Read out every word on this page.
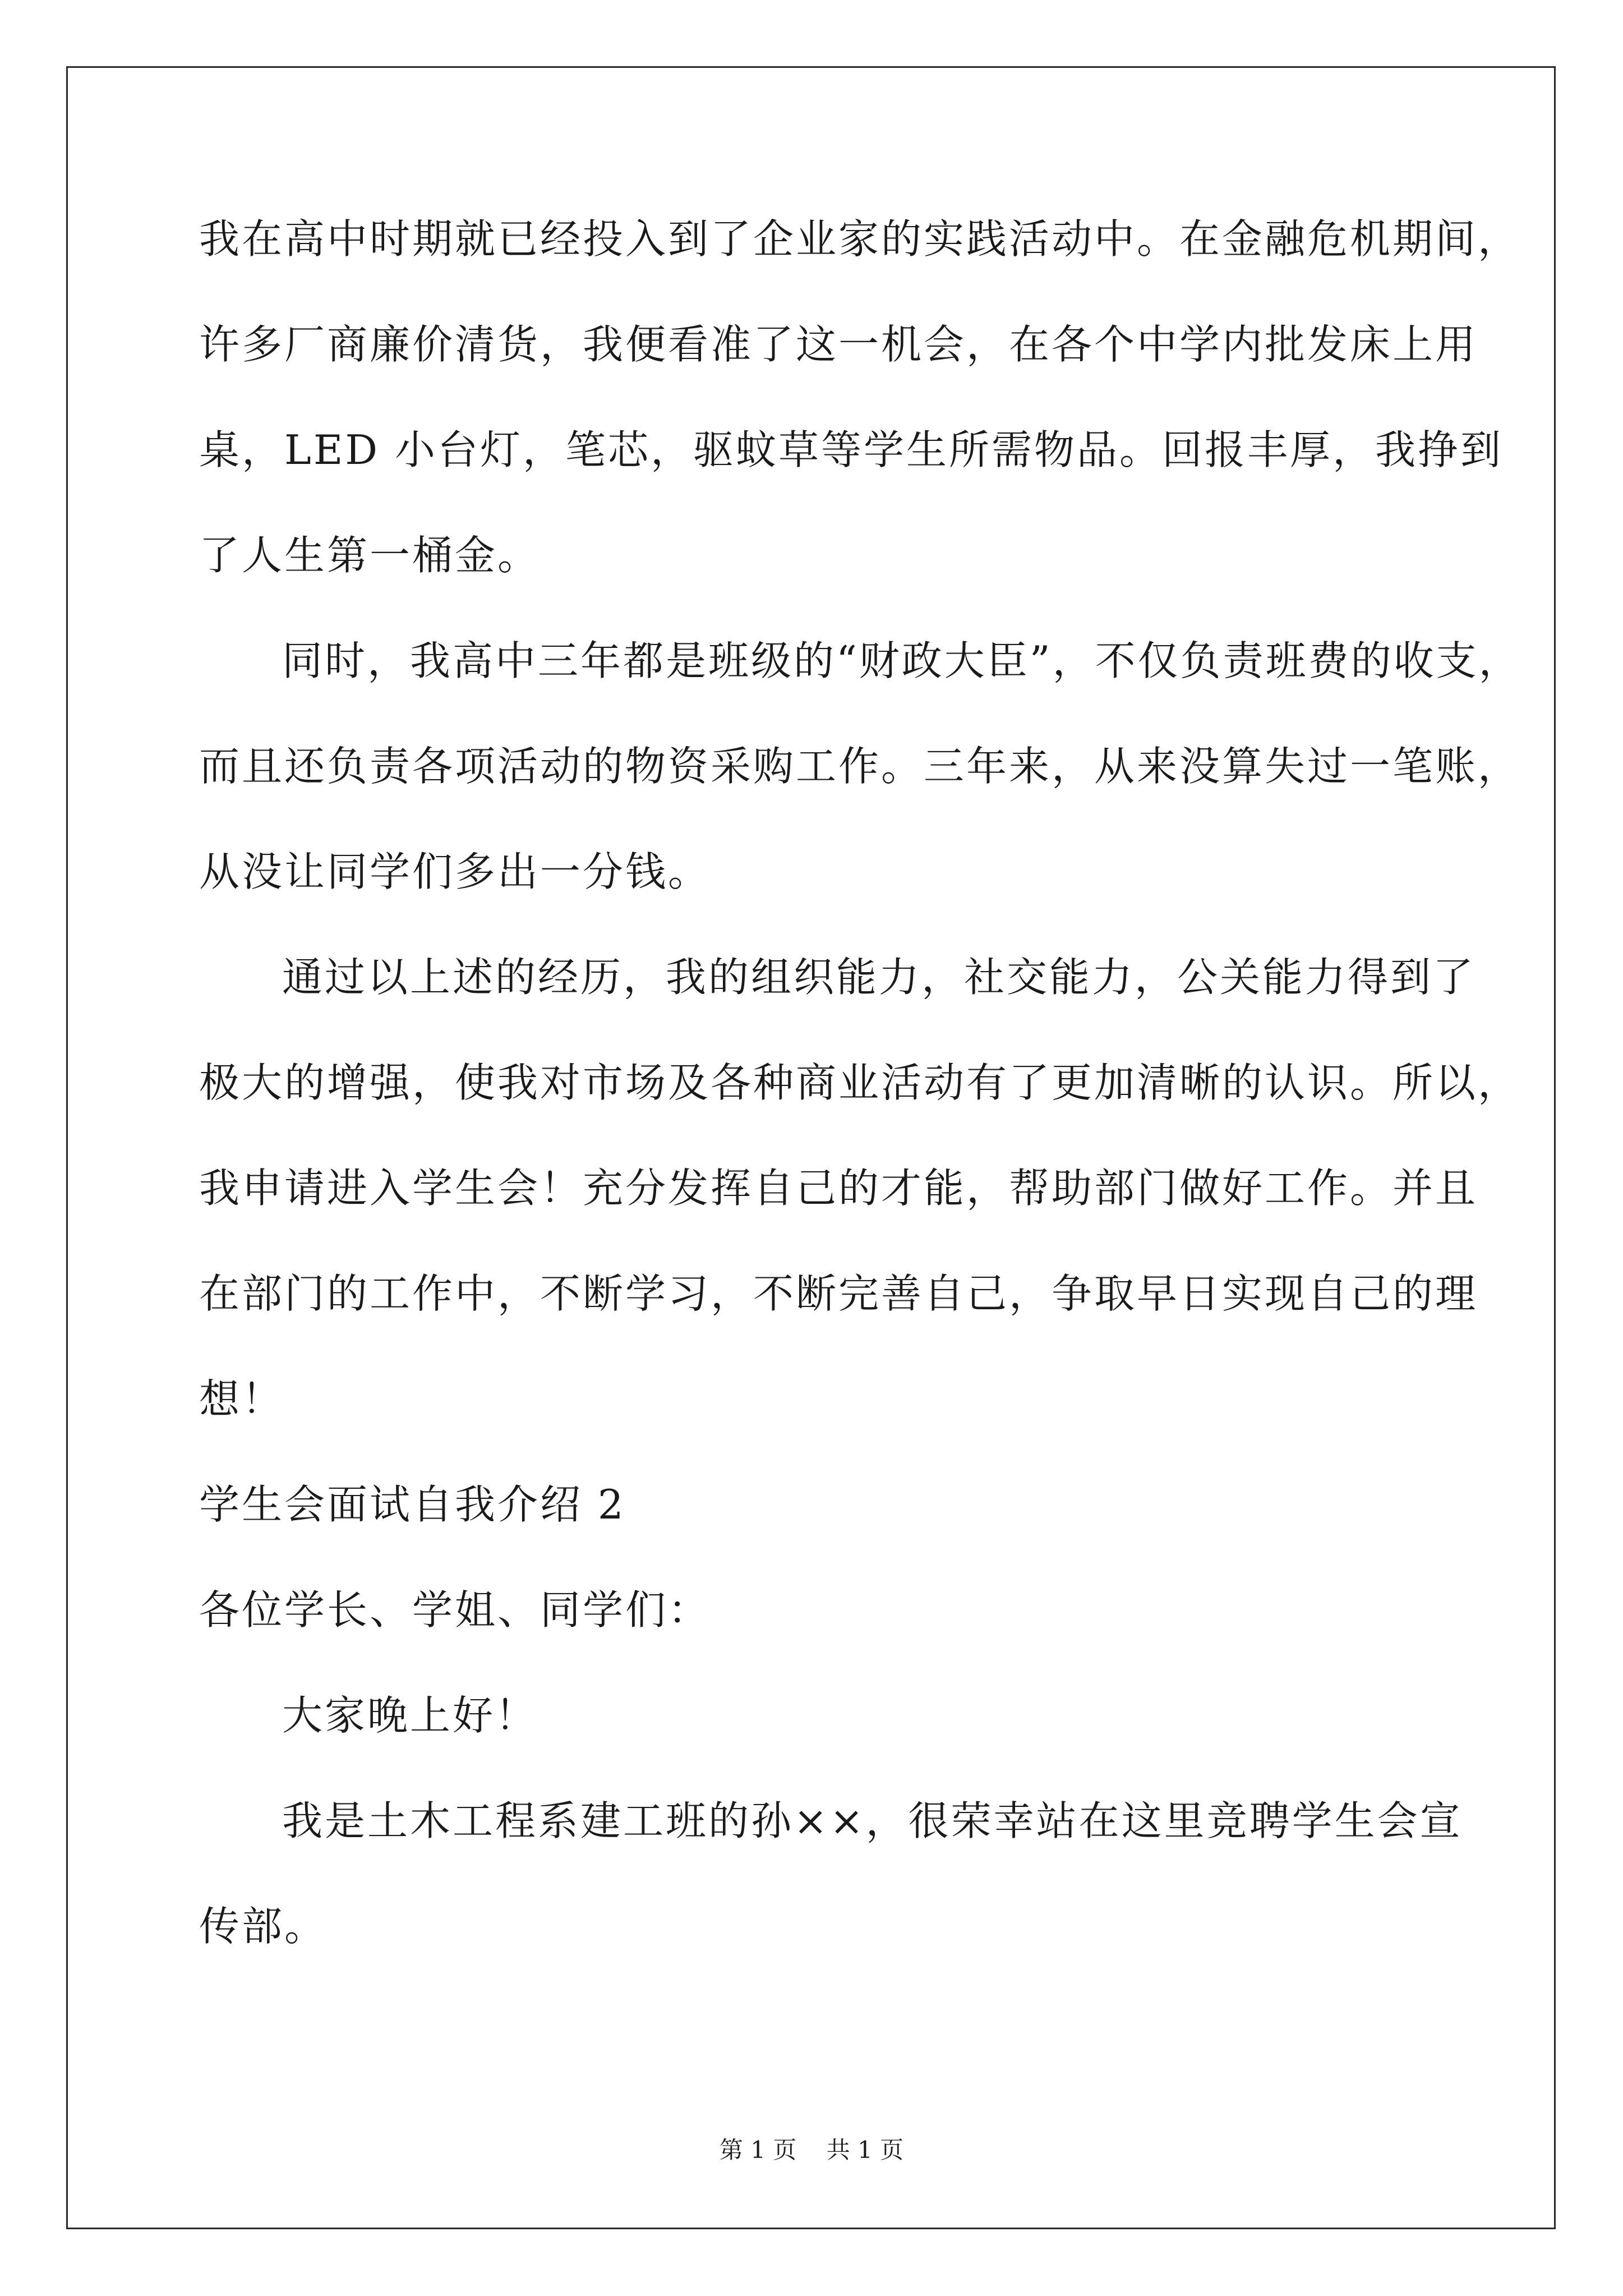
我在高中时期就已经投入到了企业家的实践活动中。在金融危机期间，
许多厂商廉价清货，我便看准了这一机会，在各个中学内批发床上用
桌，LED 小台灯，笔芯，驱蚊草等学生所需物品。回报丰厚，我挣到
了人生第一桶金。
同时，我高中三年都是班级的“财政大臣”，不仅负责班费的收支，
而且还负责各项活动的物资采购工作。三年来，从来没算失过一笔账，
从没让同学们多出一分钱。
通过以上述的经历，我的组织能力，社交能力，公关能力得到了
极大的增强，使我对市场及各种商业活动有了更加清晰的认识。所以，
我申请进入学生会！充分发挥自己的才能，帮助部门做好工作。并且
在部门的工作中，不断学习，不断完善自己，争取早日实现自己的理
想！
学生会面试自我介绍 2
各位学长、学姐、同学们：
大家晚上好！
我是土木工程系建工班的孙××，很荣幸站在这里竞聘学生会宣
传部。
第 1 页    共 1 页
